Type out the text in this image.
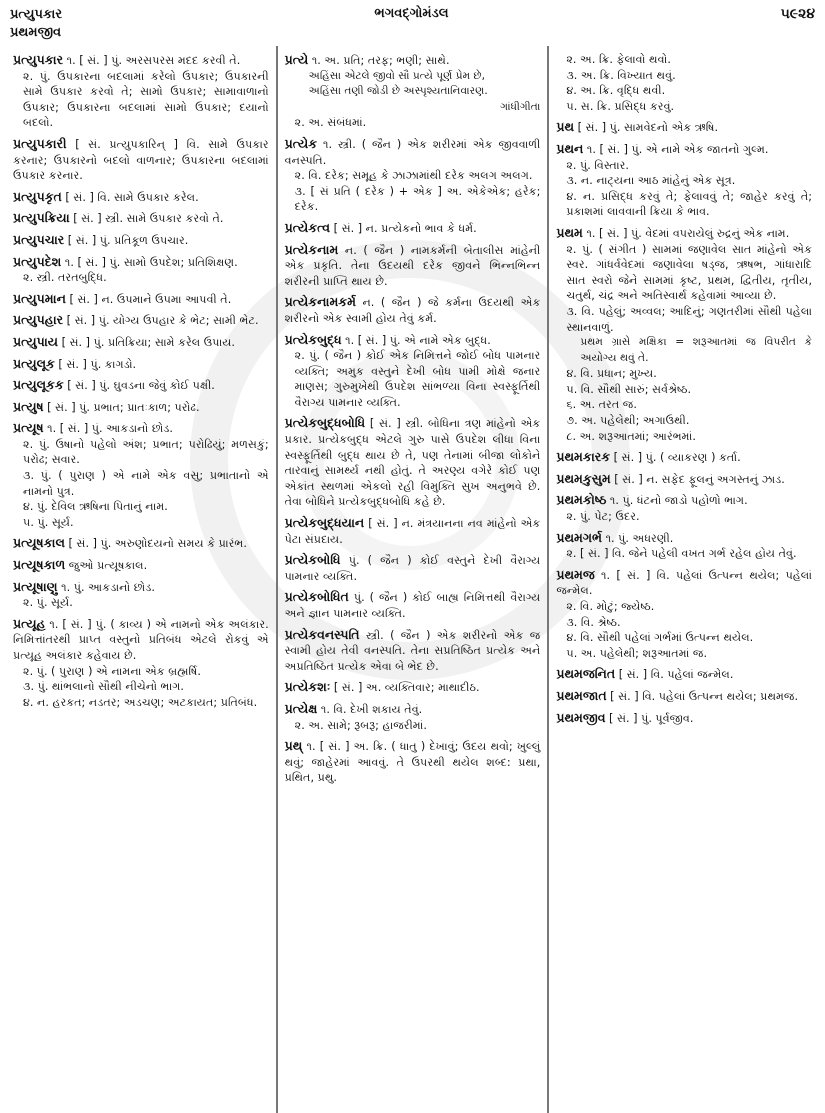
પ્રત્યુપકાર
પ્રથમજીવ
ભગવદ્ગોમંડલ	૫૯૨૪
પ્રત્યુપકાર ૧. [ સં. ] પું. અરસપરસ મદદ કરવી તે.
૨. પું. ઉપકારના બદલામાં કરેલો ઉપકાર; ઉપકારની સામે ઉપકાર કરવો તે; સામો ઉપકાર; સામાવાળાનો ઉપકાર; ઉપકારના બદલામાં સામો ઉપકાર; દયાનો બદલો.
પ્રત્યુપકારી [ સં. પ્રત્યુપકારિન્ ] વિ. સામે ઉપકાર કરનાર; ઉપકારનો બદલો વાળનાર; ઉપકારના બદલામાં ઉપકાર કરનાર.
પ્રત્યુપકૃત [ સં. ] વિ. સામે ઉપકાર કરેલ.
પ્રત્યુપક્રિયા [ સં. ] સ્ત્રી. સામે ઉપકાર કરવો તે.
પ્રત્યુપચાર [ સં. ] પું. પ્રતિકૂળ ઉપચાર.
પ્રત્યુપદેશ ૧. [ સં. ] પું. સામો ઉપદેશ; પ્રતિશિક્ષણ.
૨. સ્ત્રી. તરતબુદ્ધિ.
પ્રત્યુપમાન [ સં. ] ન. ઉપમાને ઉપમા આપવી તે.
પ્રત્યુપહાર [ સં. ] પું. યોગ્ય ઉપહાર કે ભેટ; સામી ભેટ.
પ્રત્યુપાય [ સં. ] પું. પ્રતિક્રિયા; સામે કરેલ ઉપાય.
પ્રત્યુલૂક [ સં. ] પું. કાગડો.
પ્રત્યુલૂકક [ સં. ] પું. ઘુવડના જેવું કોઈ પક્ષી.
પ્રત્યુષ [ સં. ] પું. પ્રભાત; પ્રાતઃકાળ; પરોઢ.
પ્રત્યૂષ ૧. [ સં. ] પું. આકડાનો છોડ.
૨. પું. ઉષાનો પહેલો અંશ; પ્રભાત; પરોઢિયું; મળસકું; પરોઢ; સવાર.
૩. પું. ( પુરાણ ) એ નામે એક વસુ; પ્રભાતાનો એ નામનો પુત્ર.
૪. પું. દેવિલ ઋષિના પિતાનું નામ.
૫. પું. સૂર્ય.
પ્રત્યૂષકાલ [ સં. ] પું. અરુણોદયનો સમય કે પ્રારંભ.
પ્રત્યૂષકાળ જુઓ પ્રત્યૂષકાલ.
પ્રત્યૂષાણુ ૧. પું. આકડાનો છોડ.
૨. પું. સૂર્ય.
પ્રત્યૂહ ૧. [ સં. ] પું. ( કાવ્ય ) એ નામનો એક અલંકાર. નિમિત્તાંતરથી પ્રાપ્ત વસ્તુનો પ્રતિબંધ એટલે રોકવું એ પ્રત્યૂહ અલંકાર કહેવાય છે.
૨. પું. ( પુરાણ ) એ નામના એક બ્રહ્મર્ષિ.
૩. પું. થાંભલાનો સૌથી નીચેનો ભાગ.
૪. ન. હરકત; નડતર; અડચણ; અટકાયત; પ્રતિબંધ.
પ્રત્યે ૧. અ. પ્રતિ; તરફ; ભણી; સાથે.
અહિંસા એટલે જીવો સૌ પ્રત્યે પૂર્ણ પ્રેમ છે,
અહિંસા તણી જોડી છે અસ્પૃશ્યતાનિવારણ.
ગાંધીગીતા
૨. અ. સંબંધમાં.
પ્રત્યેક ૧. સ્ત્રી. ( જૈન ) એક શરીરમાં એક જીવવાળી વનસ્પતિ.
૨. વિ. દરેક; સમૂહ કે ઝાઝામાંથી દરેક અલગ અલગ.
૩. [ સં પ્રતિ ( દરેક ) + એક ] અ. એકેએક; હરેક; દરેક.
પ્રત્યેકત્વ [ સં. ] ન. પ્રત્યેકનો ભાવ કે ધર્મ.
પ્રત્યેકનામ ન. ( જૈન ) નામકર્મની બેતાલીસ માંહેની એક પ્રકૃતિ. તેના ઉદયથી દરેક જીવને ભિન્નભિન્ન શરીરની પ્રાપ્તિ થાય છે.
પ્રત્યેકનામકર્મ ન. ( જૈન ) જે કર્મના ઉદયથી એક શરીરનો એક સ્વામી હોય તેવું કર્મ.
પ્રત્યેકબુદ્ધ ૧. [ સં. ] પું. એ નામે એક બુદ્ધ.
૨. પું. ( જૈન ) કોઈ એક નિમિત્તને જોઈ બોધ પામનાર વ્યક્તિ; અમુક વસ્તુને દેખી બોધ પામી મોક્ષે જનાર માણસ; ગુરુમુખેથી ઉપદેશ સાંભળ્યા વિના સ્વસ્ફૂર્તિથી વૈરાગ્ય પામનાર વ્યક્તિ.
પ્રત્યેકબુદ્ધબોધિ [ સં. ] સ્ત્રી. બોધિના ત્રણ માંહેનો એક પ્રકાર. પ્રત્યેકબુદ્ધ એટલે ગુરુ પાસે ઉપદેશ લીધા વિના સ્વસ્ફૂર્તિથી બુદ્ધ થાય છે તે, પણ તેનામાં બીજા લોકોને તારવાનું સામર્થ્ય નથી હોતું. તે અરણ્ય વગેરે કોઈ પણ એકાંત સ્થળમાં એકલો રહી વિમુક્તિ સુખ અનુભવે છે. તેવા બોધિને પ્રત્યેકબુદ્ધબોધિ કહે છે.
પ્રત્યેકબુદ્ધયાન [ સં. ] ન. મંત્રયાનના નવ માંહેનો એક પેટા સંપ્રદાય.
પ્રત્યેકબોધિ પું. ( જૈન ) કોઈ વસ્તુને દેખી વૈરાગ્ય પામનાર વ્યક્તિ.
પ્રત્યેકબોધિત પું. ( જૈન ) કોઈ બાહ્ય નિમિત્તથી વૈરાગ્ય અને જ્ઞાન પામનાર વ્યક્તિ.
પ્રત્યેકવનસ્પતિ સ્ત્રી. ( જૈન ) એક શરીરનો એક જ સ્વામી હોય તેવી વનસ્પતિ. તેના સપ્રતિષ્ઠિત પ્રત્યેક અને અપ્રતિષ્ઠિત પ્રત્યેક એવા બે ભેદ છે.
પ્રત્યેકશઃ [ સં. ] અ. વ્યક્તિવાર; માથાદીઠ.
પ્રત્યેક્ષ ૧. વિ. દેખી શકાય તેવું.
૨. અ. સામે; રૂબરૂ; હાજરીમાં.
પ્રથ્ ૧. [ સં. ] અ. ક્રિ. ( ધાતુ ) દેખાવું; ઉદય થવો; ખુલ્લું થવું; જાહેરમાં આવવું. તે ઉપરથી થયેલ શબ્દ: પ્રથા, પ્રથિત, પ્રથુ.
૨. અ. ક્રિ. ફેલાવો થવો.
૩. અ. ક્રિ. વિખ્યાત થવું.
૪. અ. ક્રિ. વૃદ્ધિ થવી.
૫. સ. ક્રિ. પ્રસિદ્ધ કરવું.
પ્રથ [ સં. ] પું. સામવેદનો એક ઋષિ.
પ્રથન ૧. [ સં. ] પું. એ નામે એક જાતનો ગુલ્મ.
૨. પું. વિસ્તાર.
૩. ન. નાટ્યના આઠ માંહેનું એક સૂત્ર.
૪. ન. પ્રસિદ્ધ કરવું તે; ફેલાવવું તે; જાહેર કરવું તે; પ્રકાશમાં લાવવાની ક્રિયા કે ભાવ.
પ્રથમ ૧. [ સં. ] પું. વેદમાં વપરાયેલું રુદ્રનું એક નામ.
૨. પું. ( સંગીત ) સામમાં જણાવેલ સાત માંહેનો એક સ્વર. ગાંધર્વવેદમાં જણાવેલા ષડ્જ, ઋષભ, ગાંધારાદિ સાત સ્વરો જેને સામમાં કૃષ્ટ, પ્રથમ, દ્વિતીય, તૃતીય, ચતુર્થ, ચંદ્ર અને અતિસ્વાર્થ કહેવામાં આવ્યા છે.
૩. વિ. પહેલું; અવ્વલ; આદિનું; ગણતરીમાં સૌથી પહેલા સ્થાનવાળું.
પ્રથમ ગ્રાસે મક્ષિકા = શરૂઆતમાં જ વિપરીત કે અયોગ્ય થવું તે.
૪. વિ. પ્રધાન; મુખ્ય.
૫. વિ. સૌથી સારું; સર્વશ્રેષ્ઠ.
૬. અ. તરત જ.
૭. અ. પહેલેથી; અગાઉથી.
૮. અ. શરૂઆતમાં; આરંભમાં.
પ્રથમકારક [ સં. ] પું. ( વ્યાકરણ ) કર્તા.
પ્રથમકુસુમ [ સં. ] ન. સફેદ ફૂલનું અગસ્તનું ઝાડ.
પ્રથમકોષ્ઠ ૧. પું. ધંટનો જાડો પહોળો ભાગ.
૨. પું. પેટ; ઉદર.
પ્રથમગર્ભ ૧. પું. અધરણી.
૨. [ સં. ] વિ. જેને પહેલી વખત ગર્ભ રહેલ હોય તેવું.
પ્રથમજ ૧. [ સં. ] વિ. પહેલાં ઉત્પન્ન થયેલ; પહેલાં જન્મેલ.
૨. વિ. મોટું; જ્યેષ્ઠ.
૩. વિ. શ્રેષ્ઠ.
૪. વિ. સૌથી પહેલાં ગર્ભમાં ઉત્પન્ન થયેલ.
૫. અ. પહેલેથી; શરૂઆતમાં જ.
પ્રથમજનિત [ સં. ] વિ. પહેલાં જન્મેલ.
પ્રથમજાત [ સં. ] વિ. પહેલાં ઉત્પન્ન થયેલ; પ્રથમજ.
પ્રથમજીવ [ સં. ] પું. પૂર્વજીવ.
